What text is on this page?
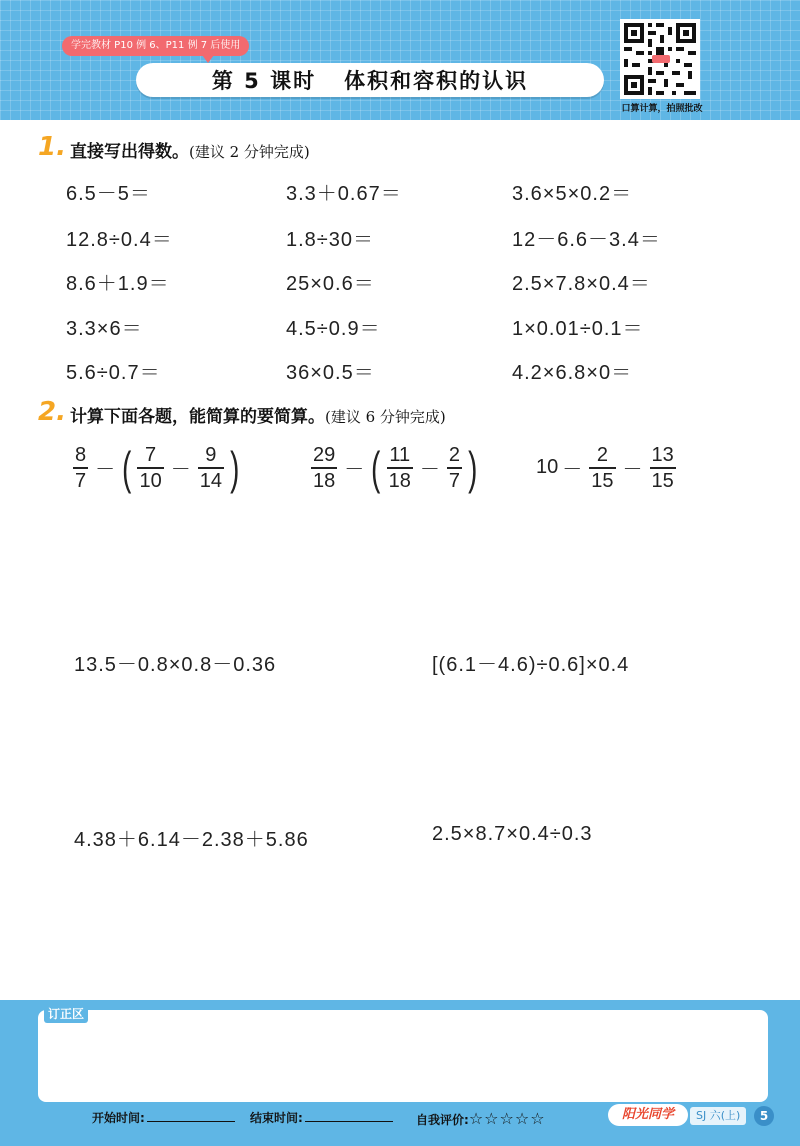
学完教材 P10 例 6、P11 例 7 后使用
第 5 课时 体积和容积的认识
口算计算，拍照批改
1. 直接写出得数。(建议 2 分钟完成)
6.5－5＝	3.3＋0.67＝	3.6×5×0.2＝
12.8÷0.4＝	1.8÷30＝	12－6.6－3.4＝
8.6＋1.9＝	25×0.6＝	2.5×7.8×0.4＝
3.3×6＝	4.5÷0.9＝	1×0.01÷0.1＝
5.6÷0.7＝	36×0.5＝	4.2×6.8×0＝
2. 计算下面各题，能简算的要简算。(建议 6 分钟完成)
$\frac{8}{7}$ － ( $\frac{7}{10} - \frac{9}{14}$ )	$\frac{29}{18}$ － ( $\frac{11}{18} - \frac{2}{7}$ )	$10 - \frac{2}{15} - \frac{13}{15}$
13.5－0.8×0.8－0.36	[(6.1－4.6)÷0.6]×0.4
4.38＋6.14－2.38＋5.86	2.5×8.7×0.4÷0.3
订正区
开始时间:	结束时间:	自我评价:☆☆☆☆☆	阳光同学	SJ 六(上)	5
